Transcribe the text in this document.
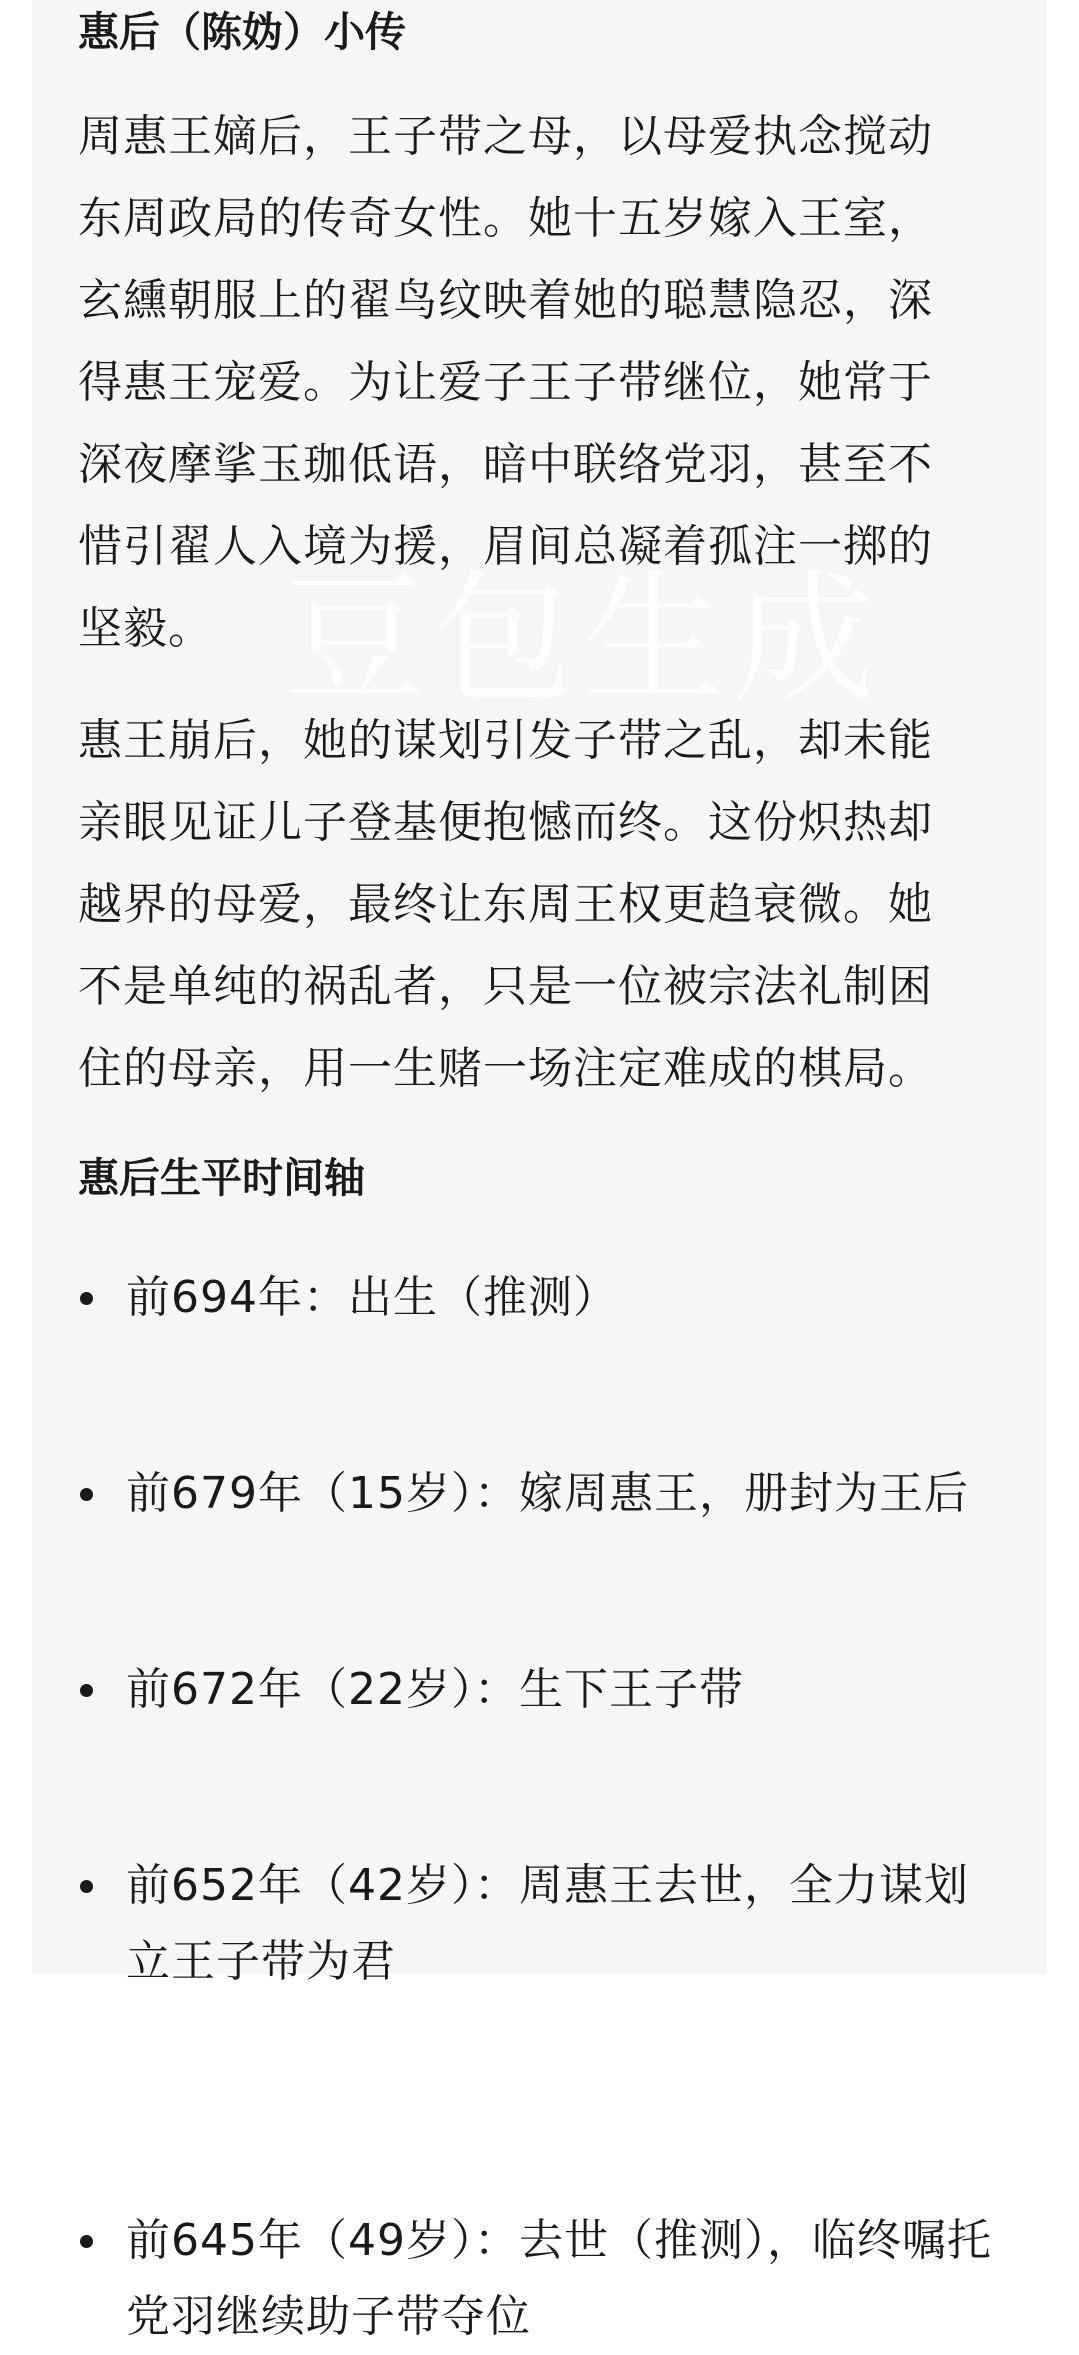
惠后（陈妫）小传

周惠王嫡后，王子带之母，以母爱执念搅动
东周政局的传奇女性。她十五岁嫁入王室，
玄纁朝服上的翟鸟纹映着她的聪慧隐忍，深
得惠王宠爱。为让爱子王子带继位，她常于
深夜摩挲玉珈低语，暗中联络党羽，甚至不
惜引翟人入境为援，眉间总凝着孤注一掷的
坚毅。

惠王崩后，她的谋划引发子带之乱，却未能
亲眼见证儿子登基便抱憾而终。这份炽热却
越界的母爱，最终让东周王权更趋衰微。她
不是单纯的祸乱者，只是一位被宗法礼制困
住的母亲，用一生赌一场注定难成的棋局。

惠后生平时间轴
前694年：出生（推测）
前679年（15岁）：嫁周惠王，册封为王后
前672年（22岁）：生下王子带
前652年（42岁）：周惠王去世，全力谋划
立王子带为君
前645年（49岁）：去世（推测），临终嘱托
党羽继续助子带夺位
豆包生成
